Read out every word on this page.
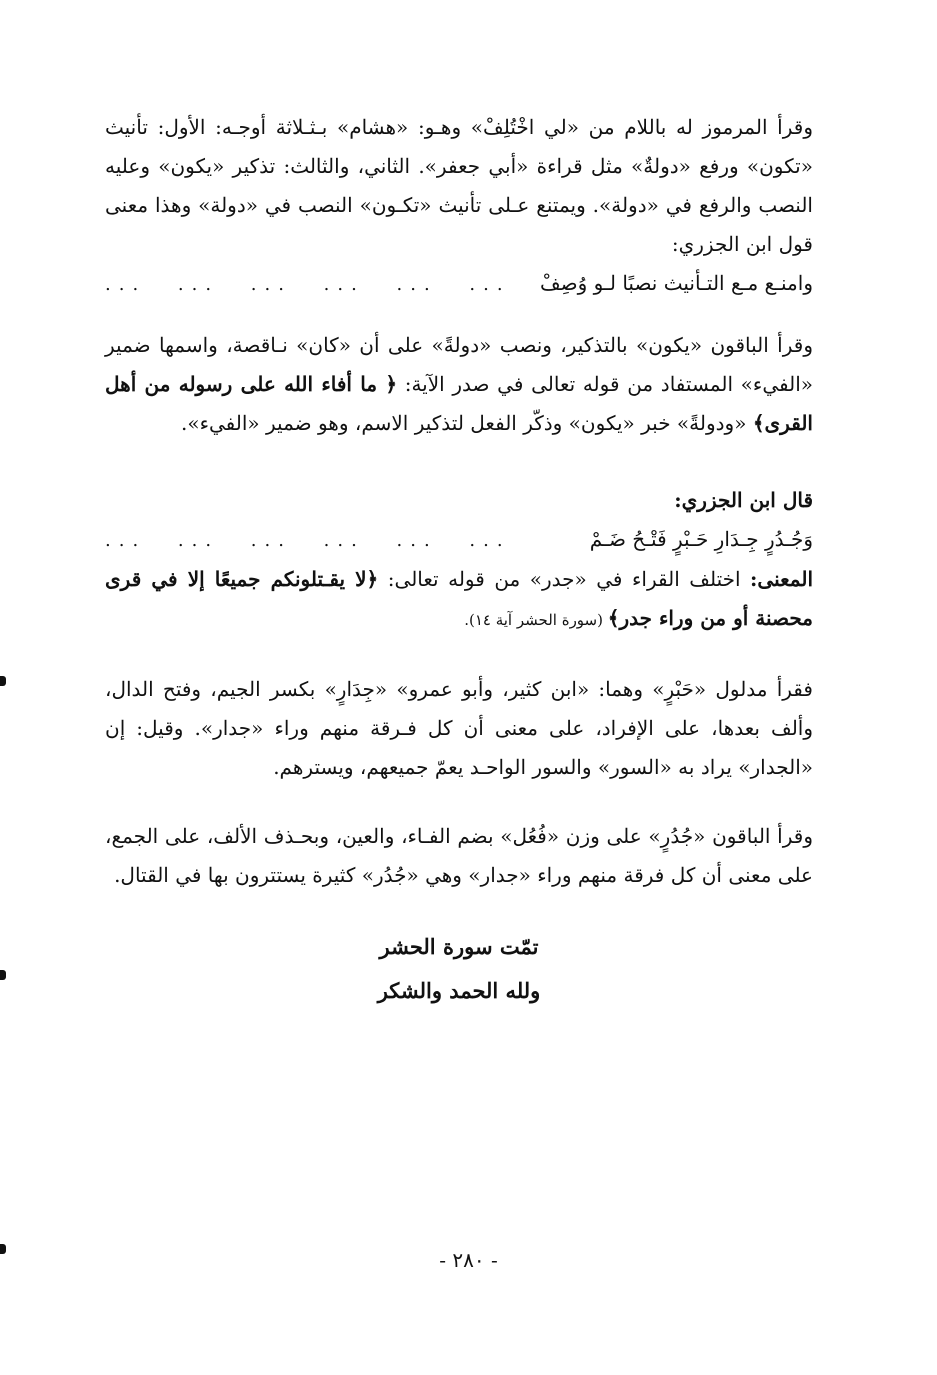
وقرأ المرموز له باللام من «لي اخْتُلِفْ» وهـو: «هشام» بـثـلاثة أوجـه: الأول: تأنيث «تكون» ورفع «دولةٌ» مثل قراءة «أبي جعفر». الثاني، والثالث: تذكير «يكون» وعليه النصب والرفع في «دولة». ويمتنع عـلى تأنيث «تكـون» النصب في «دولة» وهذا معنى قول ابن الجزري:

وامنـع مـع التـأنيث نصبًا لـو وُصِفْ
... ... ... ... ... ...

وقرأ الباقون «يكون» بالتذكير، ونصب «دولةً» على أن «كان» نـاقصة، واسمها ضمير «الفيء» المستفاد من قوله تعالى في صدر الآية: ﴿ ما أفاء الله على رسوله من أهل القرى﴾ «ودولةً» خبر «يكون» وذكّر الفعل لتذكير الاسم، وهو ضمير «الفيء».

قال ابن الجزري:

وَجُـدُرٍ جِـدَارِ حَـبْرٍ فَتْـحُ ضَـمْ
... ... ... ... ... ...

المعنى: اختلف القراء في «جدر» من قوله تعالى: ﴿لا يقـتلونكم جميعًا إلا في قرى محصنة أو من وراء جدر﴾ (سورة الحشر آية ١٤).

فقرأ مدلول «حَبْرٍ» وهما: «ابن كثير، وأبو عمرو» «جِدَارٍ» بكسر الجيم، وفتح الدال، وألف بعدها، على الإفراد، على معنى أن كل فـرقة منهم وراء «جدار». وقيل: إن «الجدار» يراد به «السور» والسور الواحـد يعمّ جميعهم، ويسترهم.

وقرأ الباقون «جُدُرٍ» على وزن «فُعُل» بضم الفـاء، والعين، وبحـذف الألف، على الجمع، على معنى أن كل فرقة منهم وراء «جدار» وهي «جُدُر» كثيرة يستترون بها في القتال.

تمّت سورة الحشر
ولله الحمد والشكر
- ٢٨٠ -
